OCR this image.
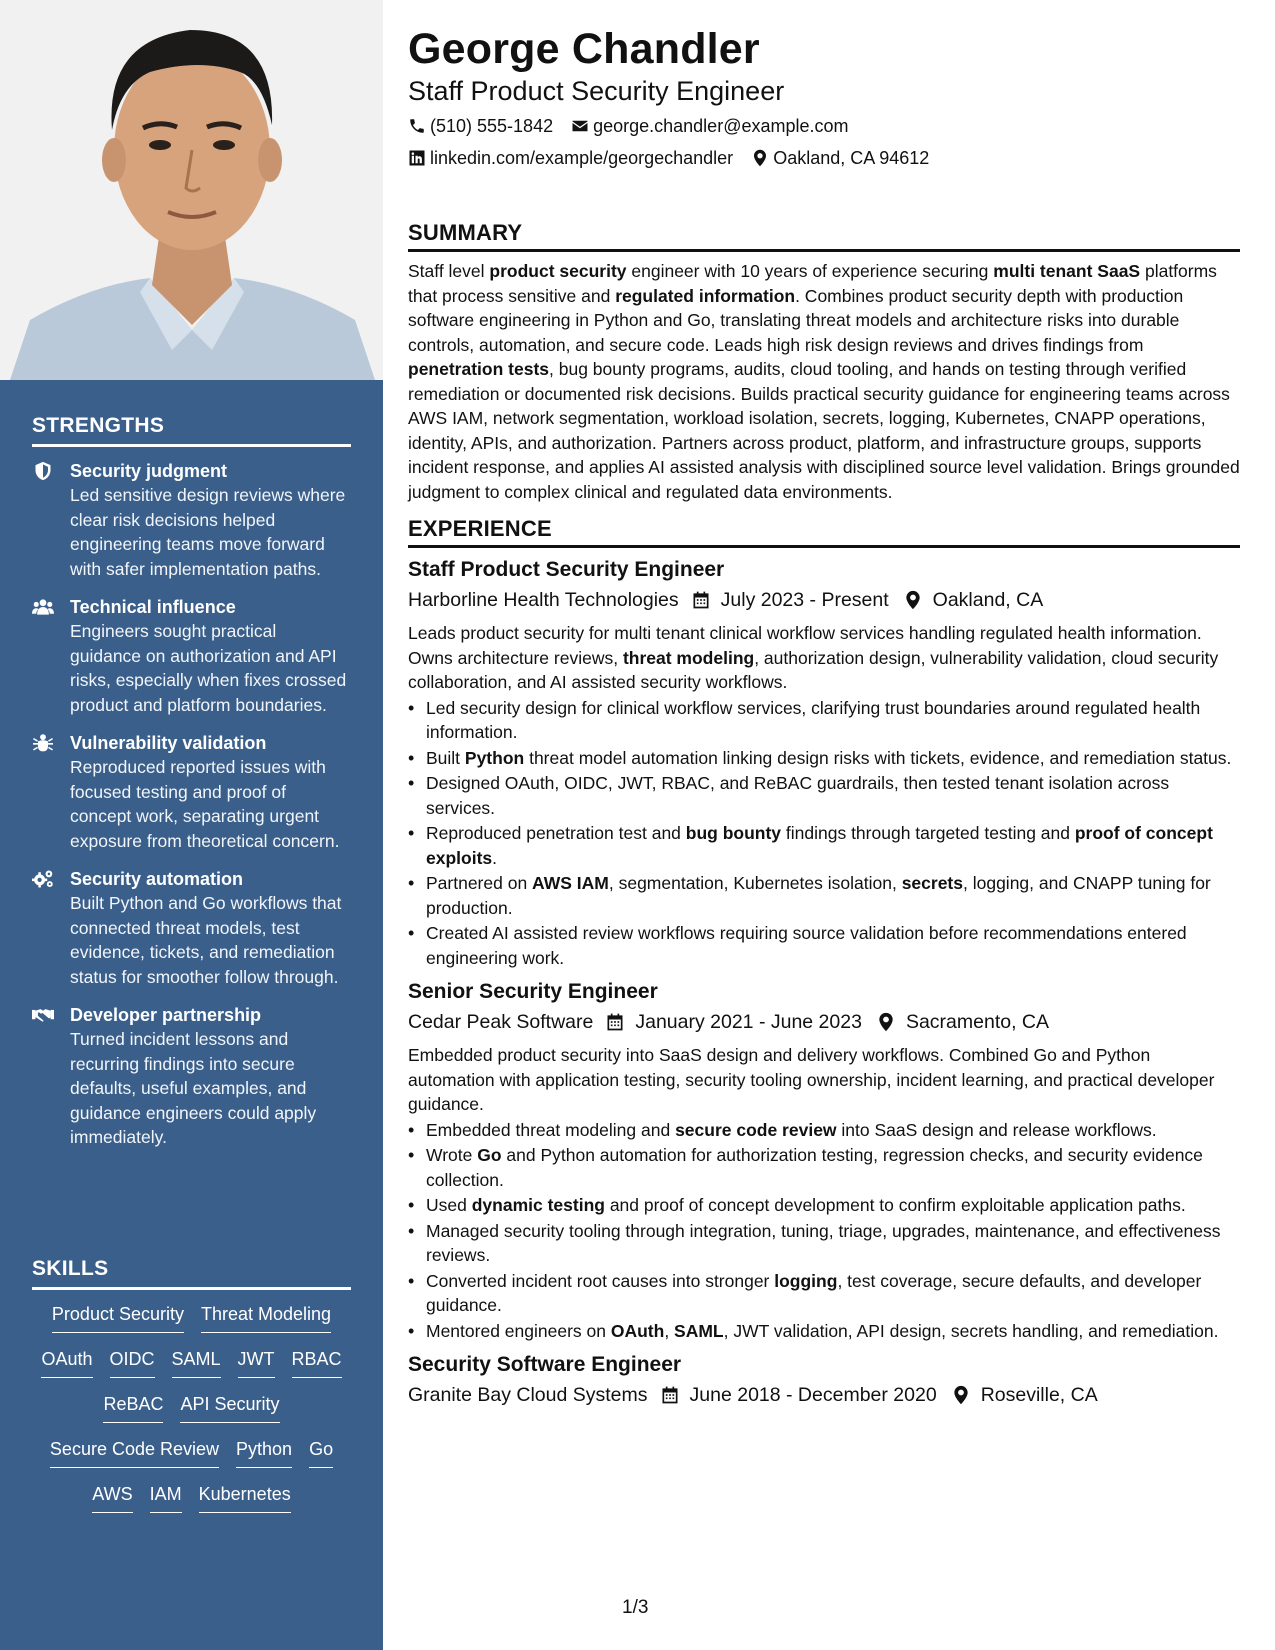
STRENGTHS
Security judgment
Led sensitive design reviews where clear risk decisions helped engineering teams move forward with safer implementation paths.
Technical influence
Engineers sought practical guidance on authorization and API risks, especially when fixes crossed product and platform boundaries.
Vulnerability validation
Reproduced reported issues with focused testing and proof of concept work, separating urgent exposure from theoretical concern.
Security automation
Built Python and Go workflows that connected threat models, test evidence, tickets, and remediation status for smoother follow through.
Developer partnership
Turned incident lessons and recurring findings into secure defaults, useful examples, and guidance engineers could apply immediately.
SKILLS
Product Security Threat Modeling
OAuth OIDC SAML JWT RBAC
ReBAC API Security
Secure Code Review Python Go
AWS IAM Kubernetes
George Chandler
Staff Product Security Engineer
(510) 555-1842 george.chandler@example.com
linkedin.com/example/georgechandler Oakland, CA 94612
SUMMARY
Staff level product security engineer with 10 years of experience securing multi tenant SaaS platforms that process sensitive and regulated information. Combines product security depth with production software engineering in Python and Go, translating threat models and architecture risks into durable controls, automation, and secure code. Leads high risk design reviews and drives findings from penetration tests, bug bounty programs, audits, cloud tooling, and hands on testing through verified remediation or documented risk decisions. Builds practical security guidance for engineering teams across AWS IAM, network segmentation, workload isolation, secrets, logging, Kubernetes, CNAPP operations, identity, APIs, and authorization. Partners across product, platform, and infrastructure groups, supports incident response, and applies AI assisted analysis with disciplined source level validation. Brings grounded judgment to complex clinical and regulated data environments.
EXPERIENCE
Staff Product Security Engineer
Harborline Health Technologies July 2023 - Present Oakland, CA
Leads product security for multi tenant clinical workflow services handling regulated health information. Owns architecture reviews, threat modeling, authorization design, vulnerability validation, cloud security collaboration, and AI assisted security workflows.
• Led security design for clinical workflow services, clarifying trust boundaries around regulated health information.
• Built Python threat model automation linking design risks with tickets, evidence, and remediation status.
• Designed OAuth, OIDC, JWT, RBAC, and ReBAC guardrails, then tested tenant isolation across services.
• Reproduced penetration test and bug bounty findings through targeted testing and proof of concept exploits.
• Partnered on AWS IAM, segmentation, Kubernetes isolation, secrets, logging, and CNAPP tuning for production.
• Created AI assisted review workflows requiring source validation before recommendations entered engineering work.
Senior Security Engineer
Cedar Peak Software January 2021 - June 2023 Sacramento, CA
Embedded product security into SaaS design and delivery workflows. Combined Go and Python automation with application testing, security tooling ownership, incident learning, and practical developer guidance.
• Embedded threat modeling and secure code review into SaaS design and release workflows.
• Wrote Go and Python automation for authorization testing, regression checks, and security evidence collection.
• Used dynamic testing and proof of concept development to confirm exploitable application paths.
• Managed security tooling through integration, tuning, triage, upgrades, maintenance, and effectiveness reviews.
• Converted incident root causes into stronger logging, test coverage, secure defaults, and developer guidance.
• Mentored engineers on OAuth, SAML, JWT validation, API design, secrets handling, and remediation.
Security Software Engineer
Granite Bay Cloud Systems June 2018 - December 2020 Roseville, CA
1/3
